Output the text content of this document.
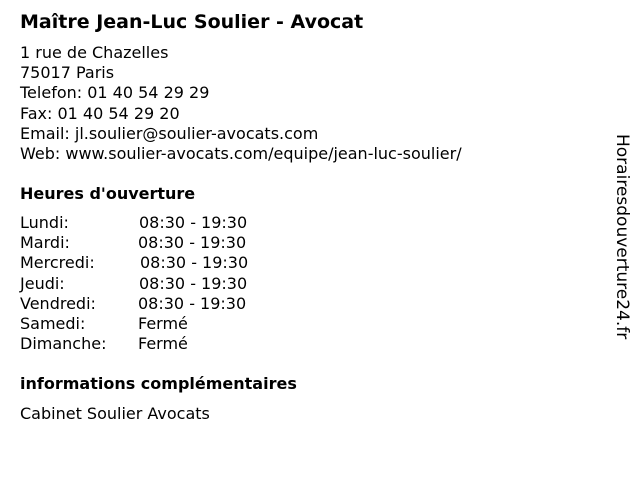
Maître Jean-Luc Soulier - Avocat
1 rue de Chazelles
75017 Paris
Telefon: 01 40 54 29 29
Fax: 01 40 54 29 20
Email: jl.soulier@soulier-avocats.com
Web: www.soulier-avocats.com/equipe/jean-luc-soulier/
Heures d'ouverture
Lundi:	08:30 - 19:30
Mardi:	08:30 - 19:30
Mercredi:	08:30 - 19:30
Jeudi:	08:30 - 19:30
Vendredi:	08:30 - 19:30
Samedi:	Fermé
Dimanche: Fermé
informations complémentaires
Cabinet Soulier Avocats
Horairesdouverture24.fr
